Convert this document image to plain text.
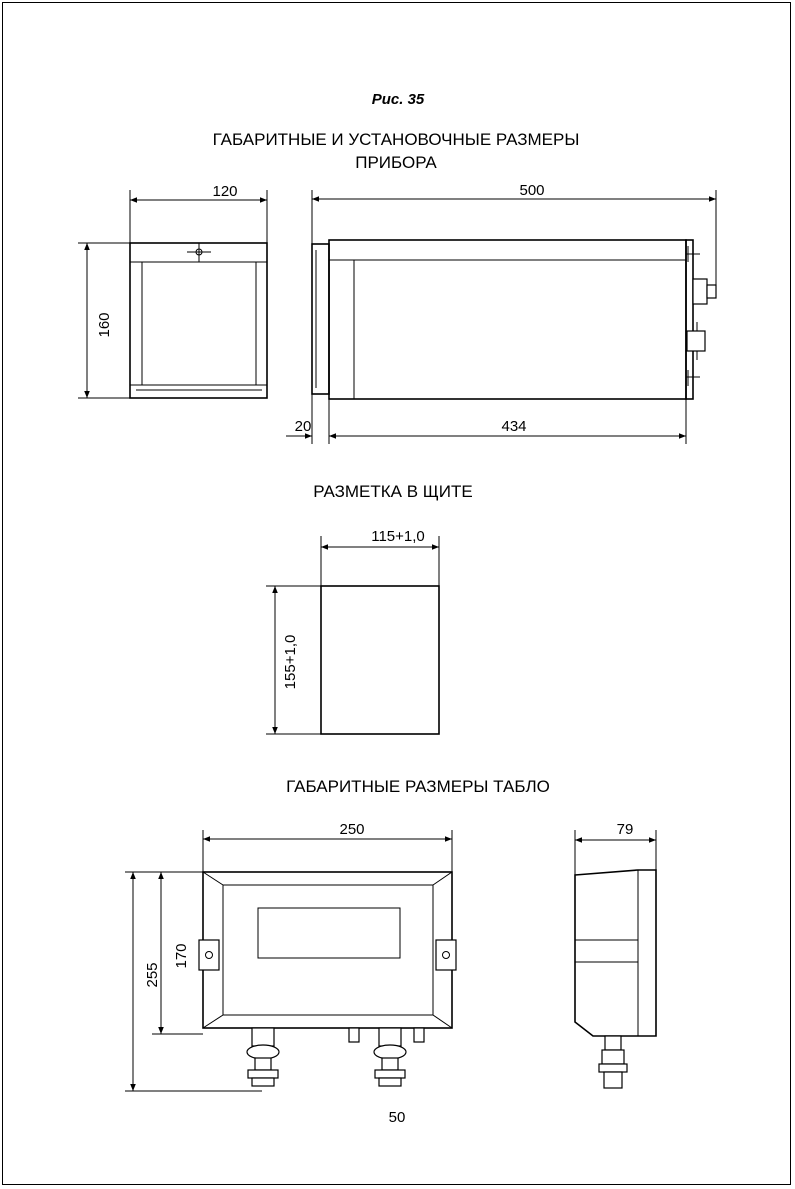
Рис. 35
ГАБАРИТНЫЕ И УСТАНОВОЧНЫЕ РАЗМЕРЫ
ПРИБОРА
120
160
500
20	434
РАЗМЕТКА В ЩИТЕ
115+1,0
155+1,0
ГАБАРИТНЫЕ РАЗМЕРЫ ТАБЛО
250
170
255
79
50
